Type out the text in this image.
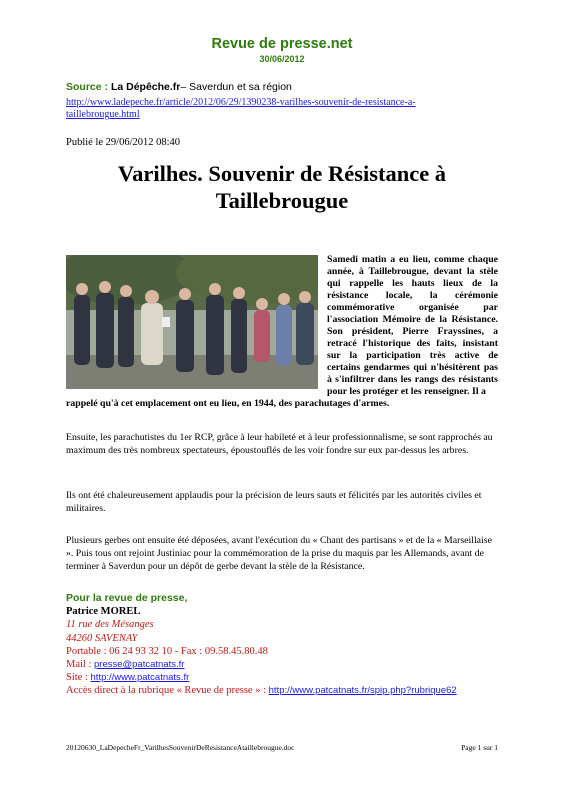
Revue de presse.net
30/06/2012
Source : La Dépêche.fr– Saverdun et sa région
http://www.ladepeche.fr/article/2012/06/29/1390238-varilhes-souvenir-de-resistance-a-
taillebrougue.html
Publié le 29/06/2012 08:40
Varilhes. Souvenir de Résistance à
Taillebrougue
Samedi matin a eu lieu, comme chaque année, à Taillebrougue, devant la stèle qui rappelle les hauts lieux de la résistance locale, la cérémonie commémorative organisée par l'association Mémoire de la Résistance. Son président, Pierre Frayssines, a retracé l'historique des faits, insistant sur la participation très active de certains gendarmes qui n'hésitèrent pas à s'infiltrer dans les rangs des résistants pour les protéger et les renseigner. Il a
rappelé qu'à cet emplacement ont eu lieu, en 1944, des parachutages d'armes.
Ensuite, les parachutistes du 1er RCP, grâce à leur habileté et à leur professionnalisme, se sont rapprochés au maximum des très nombreux spectateurs, époustouflés de les voir fondre sur eux par-dessus les arbres.
Ils ont été chaleureusement applaudis pour la précision de leurs sauts et félicités par les autorités civiles et militaires.
Plusieurs gerbes ont ensuite été déposées, avant l'exécution du « Chant des partisans » et de la « Marseillaise ». Puis tous ont rejoint Justiniac pour la commémoration de la prise du maquis par les Allemands, avant de terminer à Saverdun pour un dépôt de gerbe devant la stèle de la Résistance.
Pour la revue de presse,
Patrice MOREL
11 rue des Mésanges
44260 SAVENAY
Portable : 06 24 93 32 10 - Fax : 09.58.45.80.48
Mail : presse@patcatnats.fr
Site : http://www.patcatnats.fr
Accès direct à la rubrique « Revue de presse » : http://www.patcatnats.fr/spip.php?rubrique62
20120630_LaDepecheFr_VarilhesSouvenirDeResistanceAtaillebrougue.doc	Page 1 sur 1
